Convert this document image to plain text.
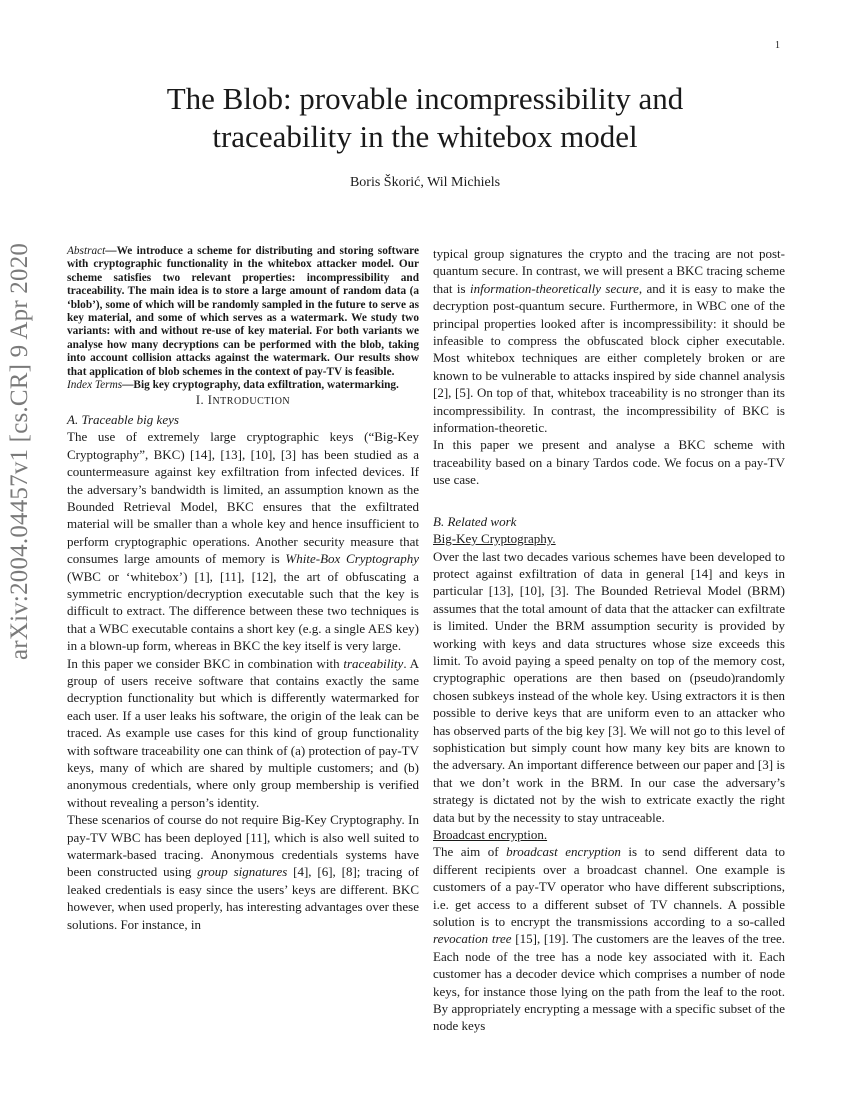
1
arXiv:2004.04457v1 [cs.CR] 9 Apr 2020
The Blob: provable incompressibility and
traceability in the whitebox model
Boris Škorić, Wil Michiels

Abstract—We introduce a scheme for distributing and storing software with cryptographic functionality in the whitebox attacker model. Our scheme satisfies two relevant properties: incompressibility and traceability. The main idea is to store a large amount of random data (a ‘blob’), some of which will be randomly sampled in the future to serve as key material, and some of which serves as a watermark. We study two variants: with and without re-use of key material. For both variants we analyse how many decryptions can be performed with the blob, taking into account collision attacks against the watermark. Our results show that application of blob schemes in the context of pay-TV is feasible.

Index Terms—Big key cryptography, data exfiltration, watermarking.

I. INTRODUCTION

A. Traceable big keys

The use of extremely large cryptographic keys (“Big-Key Cryptography”, BKC) [14], [13], [10], [3] has been studied as a countermeasure against key exfiltration from infected devices. If the adversary’s bandwidth is limited, an assumption known as the Bounded Retrieval Model, BKC ensures that the exfiltrated material will be smaller than a whole key and hence insufficient to perform cryptographic operations. Another security measure that consumes large amounts of memory is White-Box Cryptography (WBC or ‘whitebox’) [1], [11], [12], the art of obfuscating a symmetric encryption/decryption executable such that the key is difficult to extract. The difference between these two techniques is that a WBC executable contains a short key (e.g. a single AES key) in a blown-up form, whereas in BKC the key itself is very large.

In this paper we consider BKC in combination with traceability. A group of users receive software that contains exactly the same decryption functionality but which is differently watermarked for each user. If a user leaks his software, the origin of the leak can be traced. As example use cases for this kind of group functionality with software traceability one can think of (a) protection of pay-TV keys, many of which are shared by multiple customers; and (b) anonymous credentials, where only group membership is verified without revealing a person’s identity.

These scenarios of course do not require Big-Key Cryptography. In pay-TV WBC has been deployed [11], which is also well suited to watermark-based tracing. Anonymous credentials systems have been constructed using group signatures [4], [6], [8]; tracing of leaked credentials is easy since the users’ keys are different. BKC however, when used properly, has interesting advantages over these solutions. For instance, in

typical group signatures the crypto and the tracing are not post-quantum secure. In contrast, we will present a BKC tracing scheme that is information-theoretically secure, and it is easy to make the decryption post-quantum secure. Furthermore, in WBC one of the principal properties looked after is incompressibility: it should be infeasible to compress the obfuscated block cipher executable. Most whitebox techniques are either completely broken or are known to be vulnerable to attacks inspired by side channel analysis [2], [5]. On top of that, whitebox traceability is no stronger than its incompressibility. In contrast, the incompressibility of BKC is information-theoretic.

In this paper we present and analyse a BKC scheme with traceability based on a binary Tardos code. We focus on a pay-TV use case.

B. Related work

Big-Key Cryptography.

Over the last two decades various schemes have been developed to protect against exfiltration of data in general [14] and keys in particular [13], [10], [3]. The Bounded Retrieval Model (BRM) assumes that the total amount of data that the attacker can exfiltrate is limited. Under the BRM assumption security is provided by working with keys and data structures whose size exceeds this limit. To avoid paying a speed penalty on top of the memory cost, cryptographic operations are then based on (pseudo)randomly chosen subkeys instead of the whole key. Using extractors it is then possible to derive keys that are uniform even to an attacker who has observed parts of the big key [3]. We will not go to this level of sophistication but simply count how many key bits are known to the adversary. An important difference between our paper and [3] is that we don’t work in the BRM. In our case the adversary’s strategy is dictated not by the wish to extricate exactly the right data but by the necessity to stay untraceable.

Broadcast encryption.

The aim of broadcast encryption is to send different data to different recipients over a broadcast channel. One example is customers of a pay-TV operator who have different subscriptions, i.e. get access to a different subset of TV channels. A possible solution is to encrypt the transmissions according to a so-called revocation tree [15], [19]. The customers are the leaves of the tree. Each node of the tree has a node key associated with it. Each customer has a decoder device which comprises a number of node keys, for instance those lying on the path from the leaf to the root. By appropriately encrypting a message with a specific subset of the node keys
